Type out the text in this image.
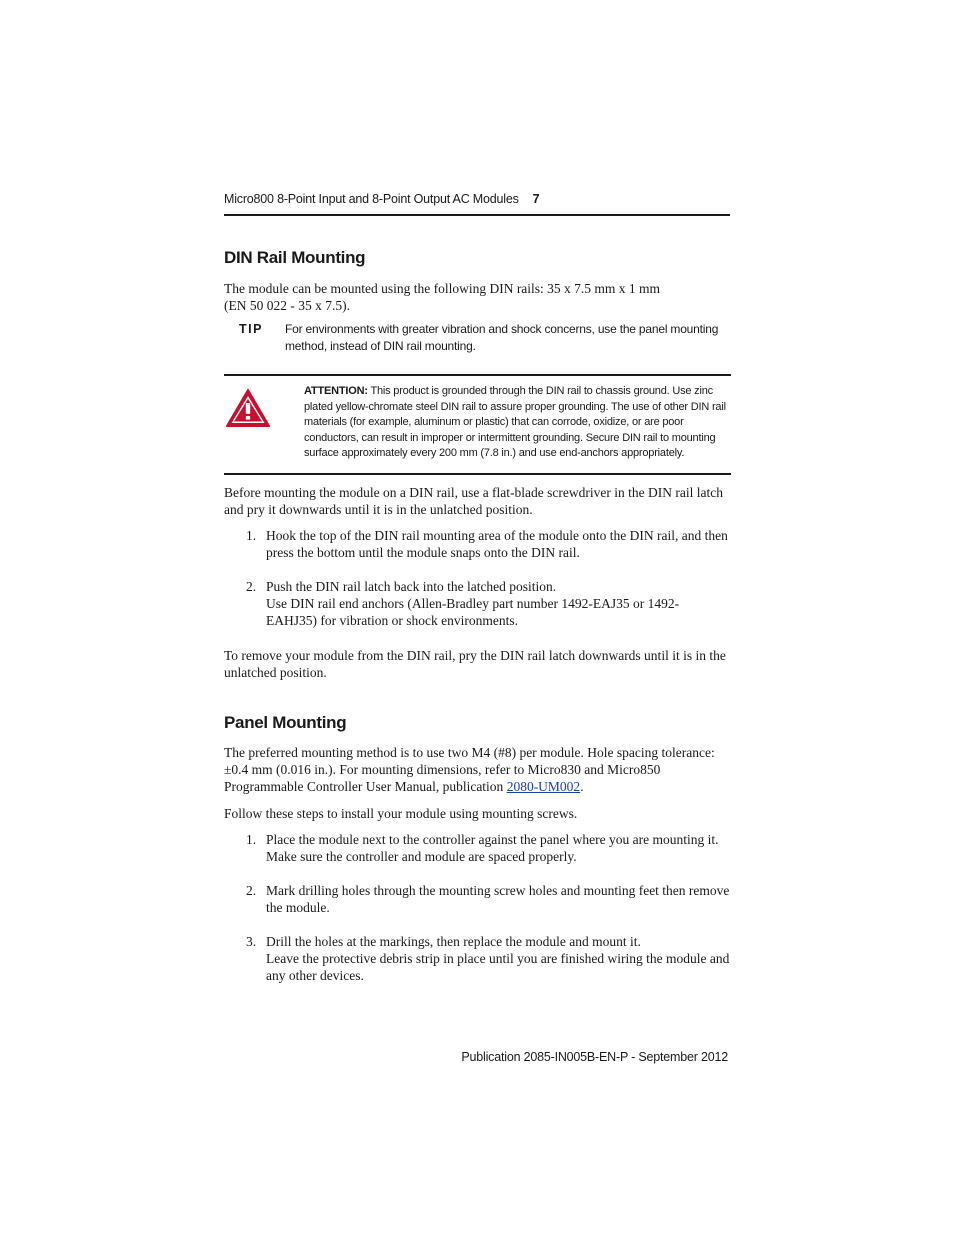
Micro800 8-Point Input and 8-Point Output AC Modules 7
DIN Rail Mounting
The module can be mounted using the following DIN rails: 35 x 7.5 mm x 1 mm
(EN 50 022 - 35 x 7.5).
TIP For environments with greater vibration and shock concerns, use the panel mounting method, instead of DIN rail mounting.
ATTENTION: This product is grounded through the DIN rail to chassis ground. Use zinc plated yellow-chromate steel DIN rail to assure proper grounding. The use of other DIN rail materials (for example, aluminum or plastic) that can corrode, oxidize, or are poor conductors, can result in improper or intermittent grounding. Secure DIN rail to mounting surface approximately every 200 mm (7.8 in.) and use end-anchors appropriately.

Before mounting the module on a DIN rail, use a flat-blade screwdriver in the DIN rail latch and pry it downwards until it is in the unlatched position.

1. Hook the top of the DIN rail mounting area of the module onto the DIN rail, and then press the bottom until the module snaps onto the DIN rail.
2. Push the DIN rail latch back into the latched position.
Use DIN rail end anchors (Allen-Bradley part number 1492-EAJ35 or 1492-EAHJ35) for vibration or shock environments.

To remove your module from the DIN rail, pry the DIN rail latch downwards until it is in the unlatched position.

Panel Mounting

The preferred mounting method is to use two M4 (#8) per module. Hole spacing tolerance: ±0.4 mm (0.016 in.). For mounting dimensions, refer to Micro830 and Micro850 Programmable Controller User Manual, publication 2080-UM002.

Follow these steps to install your module using mounting screws.

1. Place the module next to the controller against the panel where you are mounting it. Make sure the controller and module are spaced properly.
2. Mark drilling holes through the mounting screw holes and mounting feet then remove the module.
3. Drill the holes at the markings, then replace the module and mount it.
Leave the protective debris strip in place until you are finished wiring the module and any other devices.
Publication 2085-IN005B-EN-P - September 2012
